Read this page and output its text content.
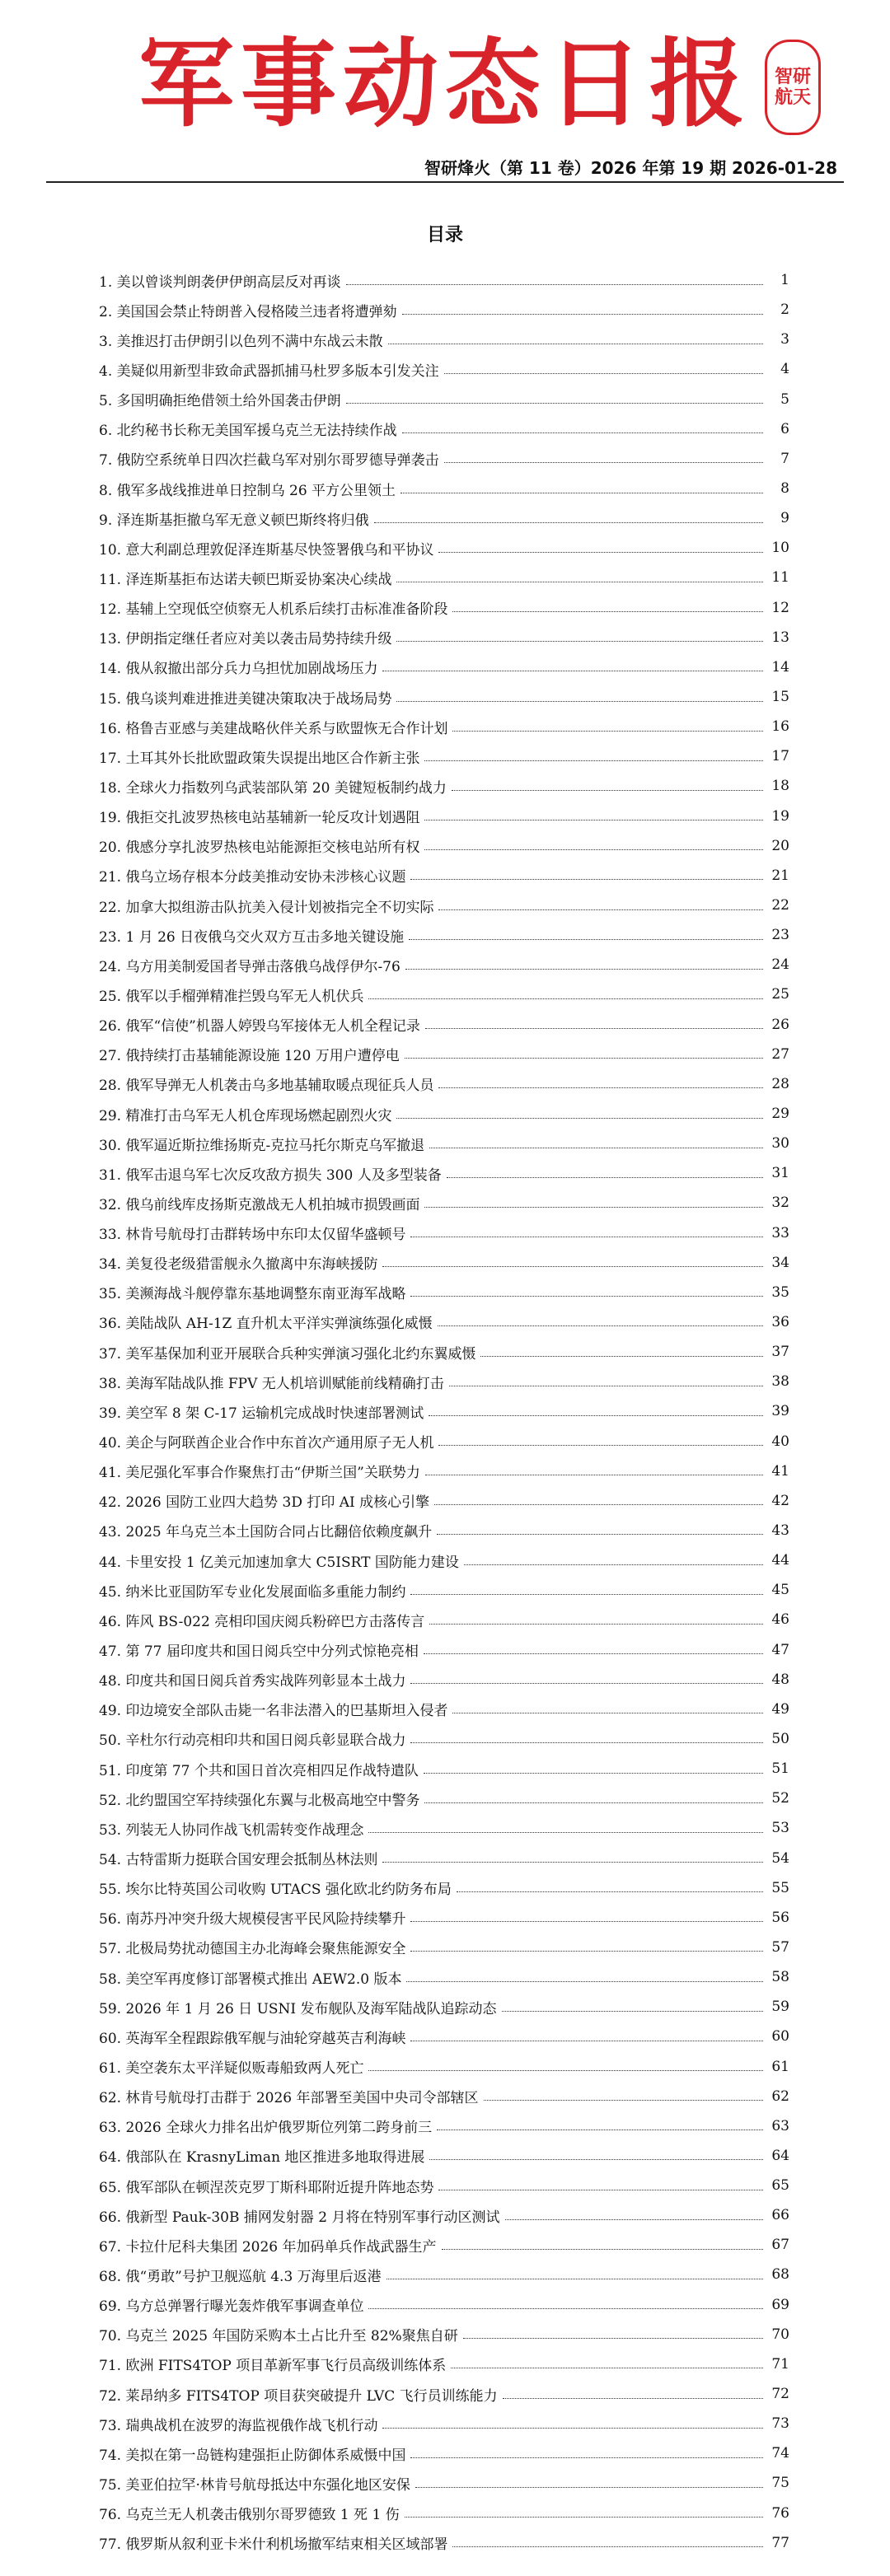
军事动态日报	智研
航天
智研烽火（第 11 卷）2026 年第 19 期 2026-01-28
目录
1. 美以曾谈判朗袭伊伊朗高层反对再谈	1
2. 美国国会禁止特朗普入侵格陵兰违者将遭弹劾	2
3. 美推迟打击伊朗引以色列不满中东战云未散	3
4. 美疑似用新型非致命武器抓捕马杜罗多版本引发关注	4
5. 多国明确拒绝借领土给外国袭击伊朗	5
6. 北约秘书长称无美国军援乌克兰无法持续作战	6
7. 俄防空系统单日四次拦截乌军对别尔哥罗德导弹袭击	7
8. 俄军多战线推进单日控制乌 26 平方公里领土	8
9. 泽连斯基拒撤乌军无意义顿巴斯终将归俄	9
10. 意大利副总理敦促泽连斯基尽快签署俄乌和平协议	10
11. 泽连斯基拒布达诺夫顿巴斯妥协案决心续战	11
12. 基辅上空现低空侦察无人机系后续打击标准准备阶段	12
13. 伊朗指定继任者应对美以袭击局势持续升级	13
14. 俄从叙撤出部分兵力乌担忧加剧战场压力	14
15. 俄乌谈判难进推进美键决策取决于战场局势	15
16. 格鲁吉亚感与美建战略伙伴关系与欧盟恢无合作计划	16
17. 土耳其外长批欧盟政策失误提出地区合作新主张	17
18. 全球火力指数列乌武装部队第 20 美键短板制约战力	18
19. 俄拒交扎波罗热核电站基辅新一轮反攻计划遇阻	19
20. 俄感分享扎波罗热核电站能源拒交核电站所有权	20
21. 俄乌立场存根本分歧美推动安协未涉核心议题	21
22. 加拿大拟组游击队抗美入侵计划被指完全不切实际	22
23. 1 月 26 日夜俄乌交火双方互击多地关键设施	23
24. 乌方用美制爱国者导弹击落俄乌战俘伊尔-76	24
25. 俄军以手榴弹精准拦毁乌军无人机伏兵	25
26. 俄军“信使”机器人婷毁乌军接体无人机全程记录	26
27. 俄持续打击基辅能源设施 120 万用户遭停电	27
28. 俄军导弹无人机袭击乌多地基辅取暖点现征兵人员	28
29. 精准打击乌军无人机仓库现场燃起剧烈火灾	29
30. 俄军逼近斯拉维扬斯克-克拉马托尔斯克乌军撤退	30
31. 俄军击退乌军七次反攻敌方损失 300 人及多型装备	31
32. 俄乌前线库皮扬斯克激战无人机拍城市损毁画面	32
33. 林肯号航母打击群转场中东印太仅留华盛顿号	33
34. 美复役老级猎雷舰永久撤离中东海峡援防	34
35. 美濒海战斗舰停靠东基地调整东南亚海军战略	35
36. 美陆战队 AH-1Z 直升机太平洋实弹演练强化威慑	36
37. 美军基保加利亚开展联合兵种实弹演习强化北约东翼威慑	37
38. 美海军陆战队推 FPV 无人机培训赋能前线精确打击	38
39. 美空军 8 架 C-17 运输机完成战时快速部署测试	39
40. 美企与阿联酋企业合作中东首次产通用原子无人机	40
41. 美尼强化军事合作聚焦打击“伊斯兰国”关联势力	41
42. 2026 国防工业四大趋势 3D 打印 AI 成核心引擎	42
43. 2025 年乌克兰本土国防合同占比翻倍依赖度飙升	43
44. 卡里安投 1 亿美元加速加拿大 C5ISRT 国防能力建设	44
45. 纳米比亚国防军专业化发展面临多重能力制约	45
46. 阵风 BS-022 亮相印国庆阅兵粉碎巴方击落传言	46
47. 第 77 届印度共和国日阅兵空中分列式惊艳亮相	47
48. 印度共和国日阅兵首秀实战阵列彰显本土战力	48
49. 印边境安全部队击毙一名非法潜入的巴基斯坦入侵者	49
50. 辛杜尔行动亮相印共和国日阅兵彰显联合战力	50
51. 印度第 77 个共和国日首次亮相四足作战特遣队	51
52. 北约盟国空军持续强化东翼与北极高地空中警务	52
53. 列装无人协同作战飞机需转变作战理念	53
54. 古特雷斯力挺联合国安理会抵制丛林法则	54
55. 埃尔比特英国公司收购 UTACS 强化欧北约防务布局	55
56. 南苏丹冲突升级大规模侵害平民风险持续攀升	56
57. 北极局势扰动德国主办北海峰会聚焦能源安全	57
58. 美空军再度修订部署模式推出 AEW2.0 版本	58
59. 2026 年 1 月 26 日 USNI 发布舰队及海军陆战队追踪动态	59
60. 英海军全程跟踪俄军舰与油轮穿越英吉利海峡	60
61. 美空袭东太平洋疑似贩毒船致两人死亡	61
62. 林肯号航母打击群于 2026 年部署至美国中央司令部辖区	62
63. 2026 全球火力排名出炉俄罗斯位列第二跨身前三	63
64. 俄部队在 KrasnyLiman 地区推进多地取得进展	64
65. 俄军部队在顿涅茨克罗丁斯科耶附近提升阵地态势	65
66. 俄新型 Pauk-30B 捕网发射器 2 月将在特别军事行动区测试	66
67. 卡拉什尼科夫集团 2026 年加码单兵作战武器生产	67
68. 俄“勇敢”号护卫舰巡航 4.3 万海里后返港	68
69. 乌方总弹署行曝光轰炸俄军事调查单位	69
70. 乌克兰 2025 年国防采购本土占比升至 82%聚焦自研	70
71. 欧洲 FITS4TOP 项目革新军事飞行员高级训练体系	71
72. 莱昂纳多 FITS4TOP 项目获突破提升 LVC 飞行员训练能力	72
73. 瑞典战机在波罗的海监视俄作战飞机行动	73
74. 美拟在第一岛链构建强拒止防御体系威慑中国	74
75. 美亚伯拉罕·林肯号航母抵达中东强化地区安保	75
76. 乌克兰无人机袭击俄别尔哥罗德致 1 死 1 伤	76
77. 俄罗斯从叙利亚卡米什利机场撤军结束相关区域部署	77
